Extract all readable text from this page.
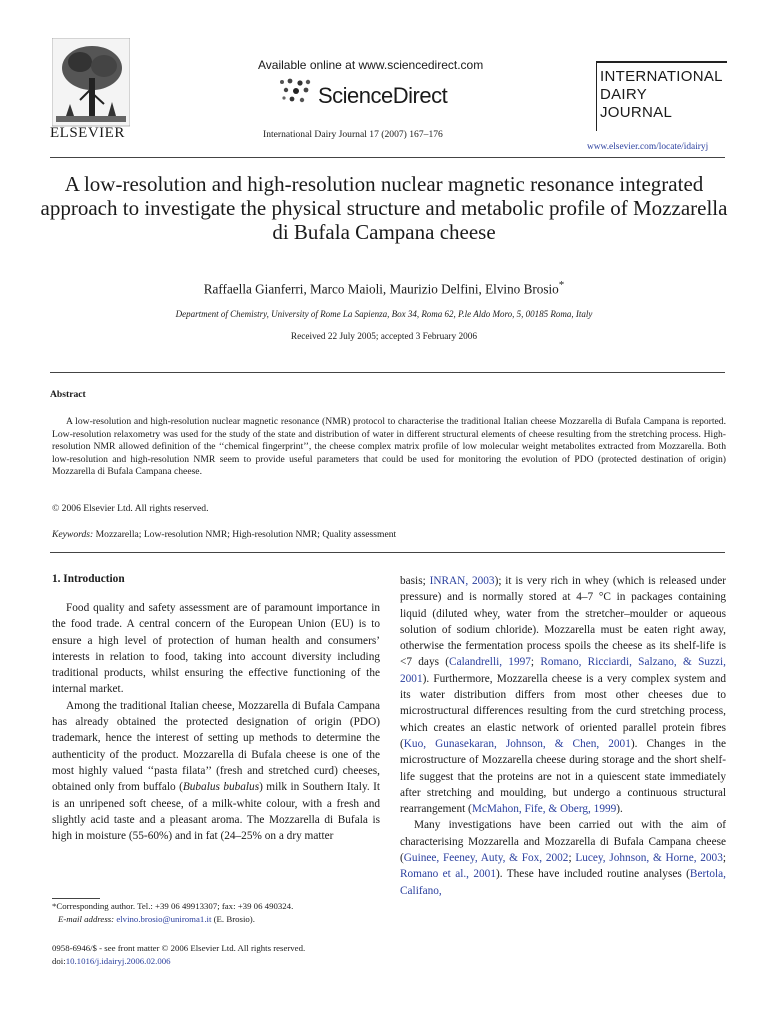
ELSEVIER
Available online at www.sciencedirect.com
ScienceDirect
International Dairy Journal 17 (2007) 167–176
INTERNATIONAL
DAIRY
JOURNAL
www.elsevier.com/locate/idairyj
A low-resolution and high-resolution nuclear magnetic resonance integrated approach to investigate the physical structure and metabolic profile of Mozzarella di Bufala Campana cheese
Raffaella Gianferri, Marco Maioli, Maurizio Delfini, Elvino Brosio*
Department of Chemistry, University of Rome La Sapienza, Box 34, Roma 62, P.le Aldo Moro, 5, 00185 Roma, Italy
Received 22 July 2005; accepted 3 February 2006
Abstract

A low-resolution and high-resolution nuclear magnetic resonance (NMR) protocol to characterise the traditional Italian cheese Mozzarella di Bufala Campana is reported. Low-resolution relaxometry was used for the study of the state and distribution of water in different structural elements of cheese resulting from the stretching process. High-resolution NMR allowed definition of the ‘‘chemical fingerprint’’, the cheese complex matrix profile of low molecular weight metabolites extracted from Mozzarella. Both low-resolution and high-resolution NMR seem to provide useful parameters that could be used for monitoring the evolution of PDO (protected destination of origin) Mozzarella di Bufala Campana cheese.

© 2006 Elsevier Ltd. All rights reserved.
Keywords: Mozzarella; Low-resolution NMR; High-resolution NMR; Quality assessment
1. Introduction

Food quality and safety assessment are of paramount importance in the food trade. A central concern of the European Union (EU) is to ensure a high level of protection of human health and consumers’ interests in relation to food, taking into account diversity including traditional products, whilst ensuring the effective functioning of the internal market.

Among the traditional Italian cheese, Mozzarella di Bufala Campana has already obtained the protected designation of origin (PDO) trademark, hence the interest of setting up methods to determine the authenticity of the product. Mozzarella di Bufala cheese is one of the most highly valued ‘‘pasta filata’’ (fresh and stretched curd) cheeses, obtained only from buffalo (Bubalus bubalus) milk in Southern Italy. It is an unripened soft cheese, of a milk-white colour, with a fresh and slightly acid taste and a pleasant aroma. The Mozzarella di Bufala is high in moisture (55-60%) and in fat (24–25% on a dry matter

basis; INRAN, 2003); it is very rich in whey (which is released under pressure) and is normally stored at 4–7 °C in packages containing liquid (diluted whey, water from the stretcher–moulder or aqueous solution of sodium chloride). Mozzarella must be eaten right away, otherwise the fermentation process spoils the cheese as its shelf-life is <7 days (Calandrelli, 1997; Romano, Ricciardi, Salzano, & Suzzi, 2001). Furthermore, Mozzarella cheese is a very complex system and its water distribution differs from most other cheeses due to microstructural differences resulting from the curd stretching process, which creates an elastic network of oriented parallel protein fibres (Kuo, Gunasekaran, Johnson, & Chen, 2001). Changes in the microstructure of Mozzarella cheese during storage and the short shelf-life suggest that the proteins are not in a quiescent state immediately after stretching and moulding, but undergo a continuous structural rearrangement (McMahon, Fife, & Oberg, 1999).

Many investigations have been carried out with the aim of characterising Mozzarella and Mozzarella di Bufala Campana cheese (Guinee, Feeney, Auty, & Fox, 2002; Lucey, Johnson, & Horne, 2003; Romano et al., 2001). These have included routine analyses (Bertola, Califano,

*Corresponding author. Tel.: +39 06 49913307; fax: +39 06 490324.
E-mail address: elvino.brosio@uniroma1.it (E. Brosio).
0958-6946/$ - see front matter © 2006 Elsevier Ltd. All rights reserved.
doi:10.1016/j.idairyj.2006.02.006
